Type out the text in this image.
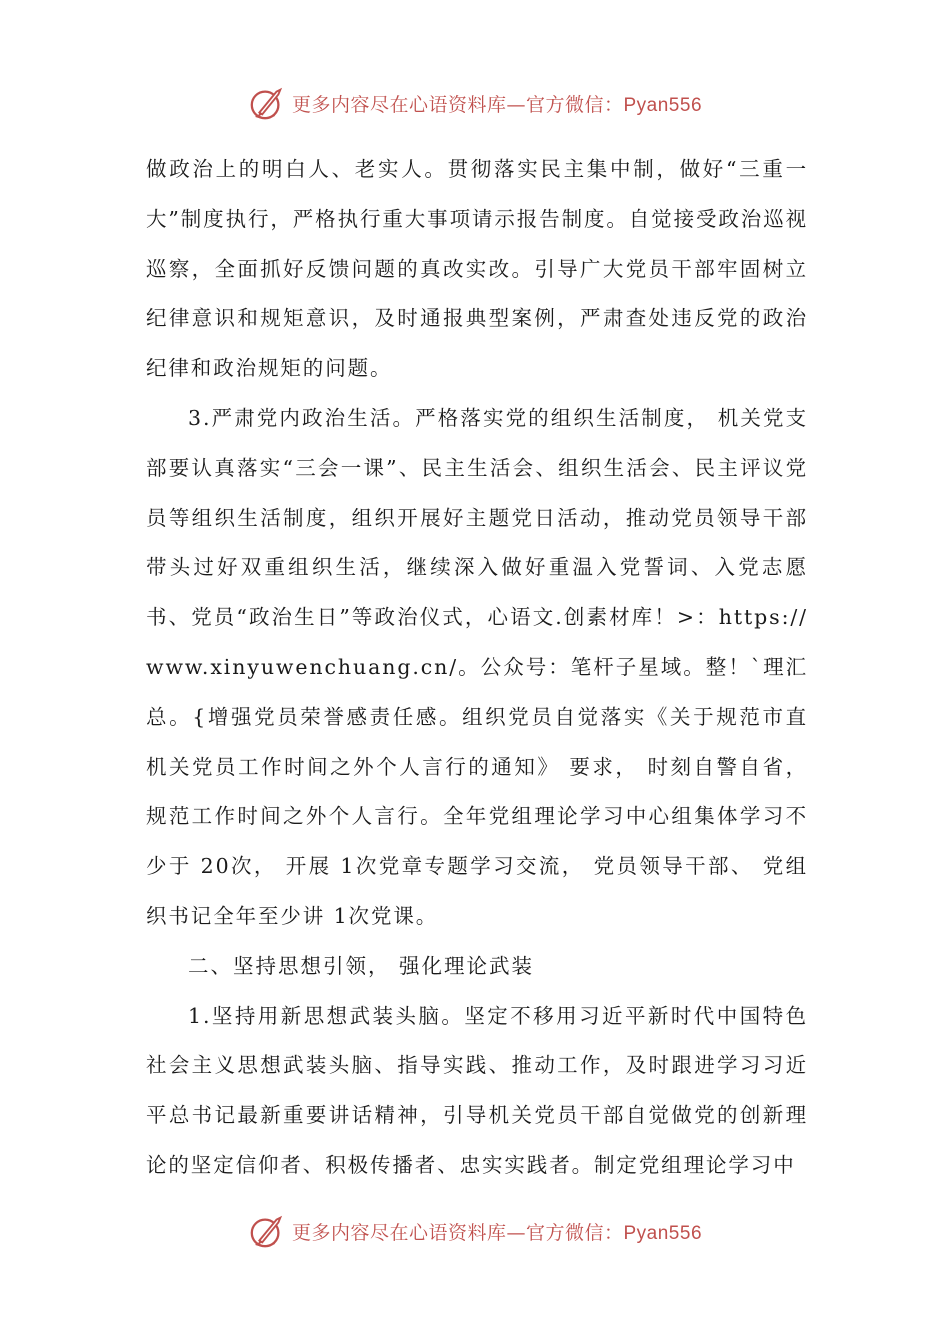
更多内容尽在心语资料库—官方微信：Pyan556

做政治上的明白人、老实人。贯彻落实民主集中制，做好“三重一大”制度执行，严格执行重大事项请示报告制度。自觉接受政治巡视巡察，全面抓好反馈问题的真改实改。引导广大党员干部牢固树立纪律意识和规矩意识，及时通报典型案例，严肃查处违反党的政治纪律和政治规矩的问题。

3.严肃党内政治生活。严格落实党的组织生活制度， 机关党支部要认真落实“三会一课”、民主生活会、组织生活会、民主评议党员等组织生活制度，组织开展好主题党日活动，推动党员领导干部带头过好双重组织生活，继续深入做好重温入党誓词、入党志愿书、党员“政治生日”等政治仪式，心语文.创素材库！>：https://www.xinyuwenchuang.cn/。公众号：笔杆子星域。整！`理汇总。{增强党员荣誉感责任感。组织党员自觉落实《关于规范市直机关党员工作时间之外个人言行的通知》 要求， 时刻自警自省，规范工作时间之外个人言行。全年党组理论学习中心组集体学习不少于 20次， 开展 1次党章专题学习交流， 党员领导干部、 党组织书记全年至少讲 1次党课。

二、坚持思想引领， 强化理论武装

1.坚持用新思想武装头脑。坚定不移用习近平新时代中国特色社会主义思想武装头脑、指导实践、推动工作，及时跟进学习习近平总书记最新重要讲话精神，引导机关党员干部自觉做党的创新理论的坚定信仰者、积极传播者、忠实实践者。制定党组理论学习中

更多内容尽在心语资料库—官方微信：Pyan556
